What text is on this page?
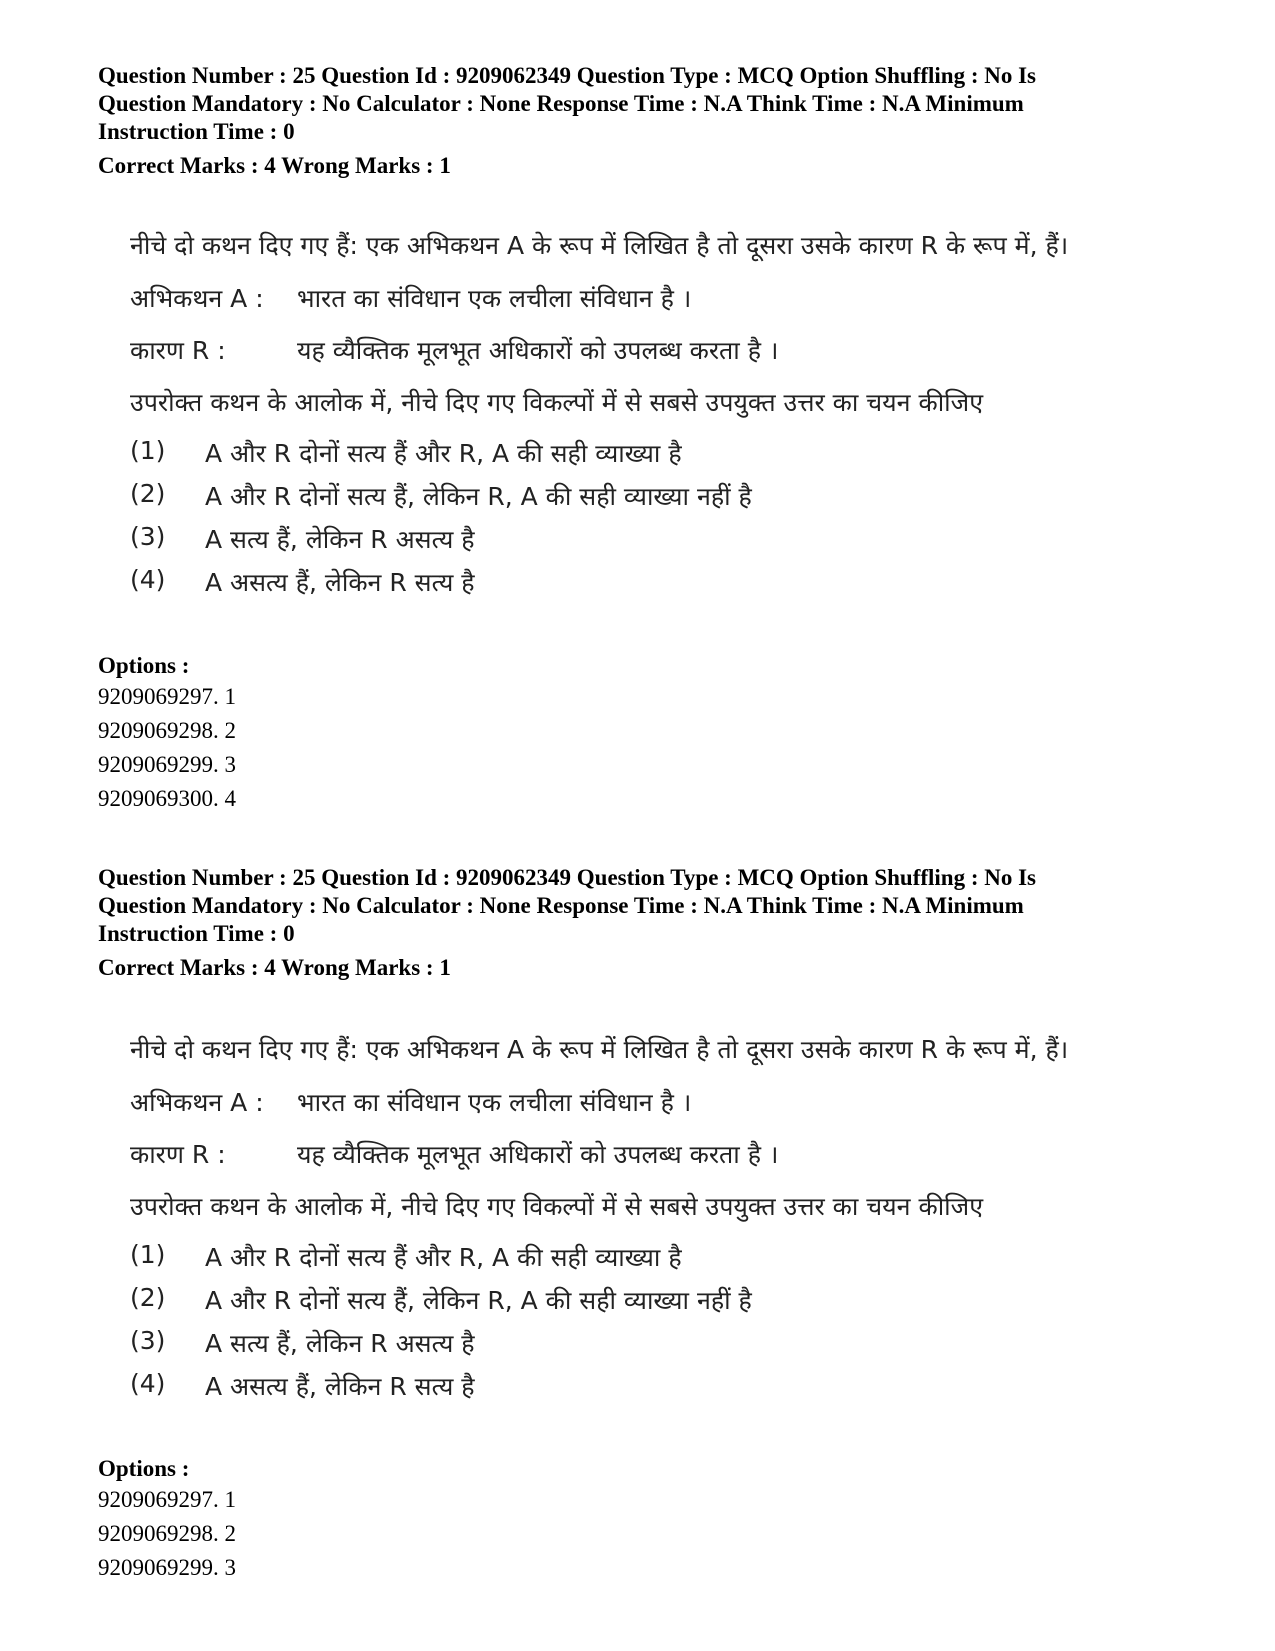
Question Number : 25 Question Id : 9209062349 Question Type : MCQ Option Shuffling : No Is

Question Mandatory : No Calculator : None Response Time : N.A Think Time : N.A Minimum

Instruction Time : 0

Correct Marks : 4 Wrong Marks : 1

नीचे दो कथन दिए गए हैं: एक अभिकथन A के रूप में लिखित है तो दूसरा उसके कारण R के रूप में, हैं।
अभिकथन A : भारत का संविधान एक लचीला संविधान है ।
कारण R :	यह व्यैक्तिक मूलभूत अधिकारों को उपलब्ध करता है ।
उपरोक्त कथन के आलोक में, नीचे दिए गए विकल्पों में से सबसे उपयुक्त उत्तर का चयन कीजिए
(1) A और R दोनों सत्य हैं और R, A की सही व्याख्या है
(2) A और R दोनों सत्य हैं, लेकिन R, A की सही व्याख्या नहीं है
(3) A सत्य हैं, लेकिन R असत्य है
(4) A असत्य हैं, लेकिन R सत्य है

Options :

9209069297. 1

9209069298. 2

9209069299. 3

9209069300. 4

Question Number : 25 Question Id : 9209062349 Question Type : MCQ Option Shuffling : No Is

Question Mandatory : No Calculator : None Response Time : N.A Think Time : N.A Minimum

Instruction Time : 0

Correct Marks : 4 Wrong Marks : 1

नीचे दो कथन दिए गए हैं: एक अभिकथन A के रूप में लिखित है तो दूसरा उसके कारण R के रूप में, हैं।
अभिकथन A : भारत का संविधान एक लचीला संविधान है ।
कारण R :	यह व्यैक्तिक मूलभूत अधिकारों को उपलब्ध करता है ।
उपरोक्त कथन के आलोक में, नीचे दिए गए विकल्पों में से सबसे उपयुक्त उत्तर का चयन कीजिए
(1) A और R दोनों सत्य हैं और R, A की सही व्याख्या है
(2) A और R दोनों सत्य हैं, लेकिन R, A की सही व्याख्या नहीं है
(3) A सत्य हैं, लेकिन R असत्य है
(4) A असत्य हैं, लेकिन R सत्य है

Options :

9209069297. 1

9209069298. 2

9209069299. 3
